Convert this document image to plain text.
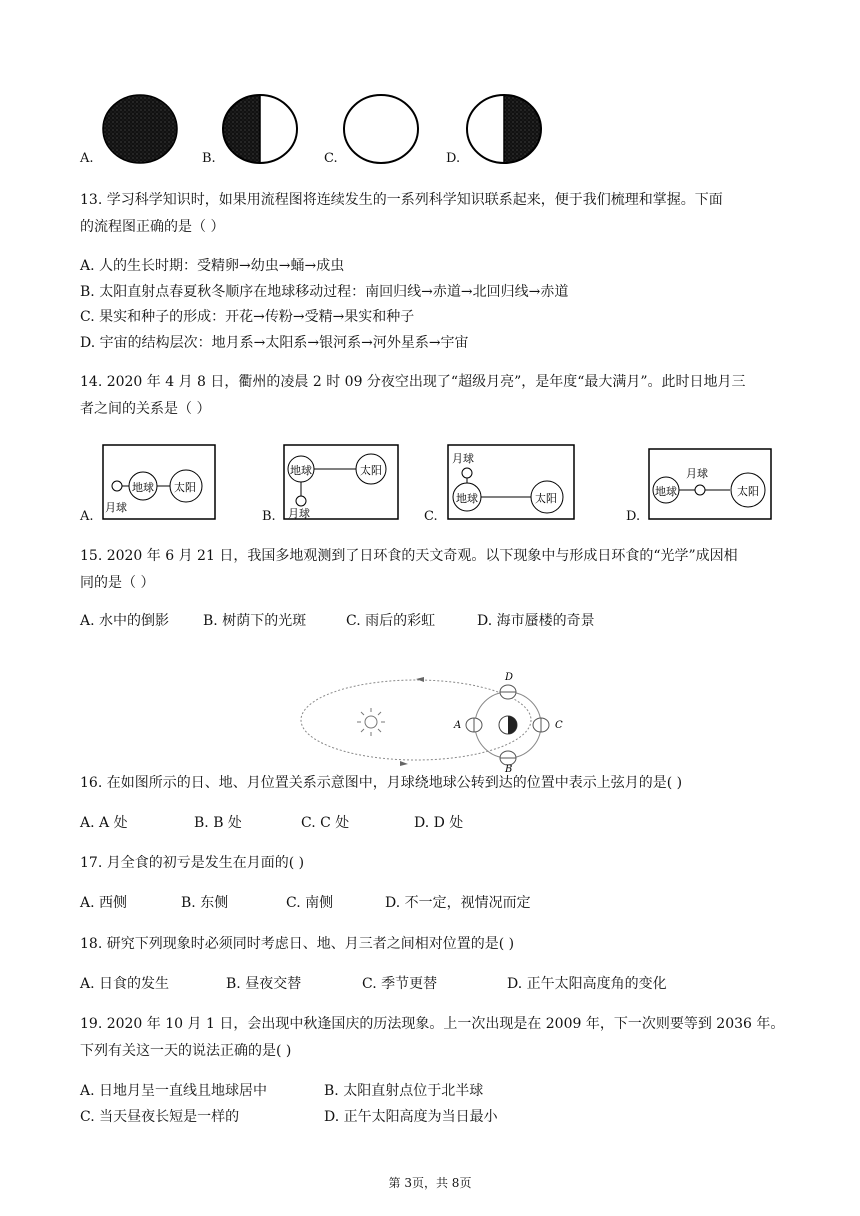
A.	B.	C.	D.
13. 学习科学知识时，如果用流程图将连续发生的一系列科学知识联系起来，便于我们梳理和掌握。下面
的流程图正确的是（ ）
A. 人的生长时期：受精卵→幼虫→蛹→成虫
B. 太阳直射点春夏秋冬顺序在地球移动过程：南回归线→赤道→北回归线→赤道
C. 果实和种子的形成：开花→传粉→受精→果实和种子
D. 宇宙的结构层次：地月系→太阳系→银河系→河外星系→宇宙
14. 2020 年 4 月 8 日，衢州的凌晨 2 时 09 分夜空出现了“超级月亮”，是年度“最大满月”。此时日地月三
者之间的关系是（ ）
地球 太阳
月球
A.
地球	太阳
月球
B.
月球
地球	太阳
C.
地球
月球
太阳
D.
15. 2020 年 6 月 21 日，我国多地观测到了日环食的天文奇观。以下现象中与形成日环食的“光学”成因相
同的是（ ）
A. 水中的倒影 B. 树荫下的光斑	C. 雨后的彩虹	D. 海市蜃楼的奇景
A	C
D
B
16. 在如图所示的日、地、月位置关系示意图中，月球绕地球公转到达的位置中表示上弦月的是( )
A. A 处	B. B 处	C. C 处	D. D 处
17. 月全食的初亏是发生在月面的( )
A. 西侧	B. 东侧	C. 南侧	D. 不一定，视情况而定
18. 研究下列现象时必须同时考虑日、地、月三者之间相对位置的是( )
A. 日食的发生	B. 昼夜交替	C. 季节更替	D. 正午太阳高度角的变化
19. 2020 年 10 月 1 日，会出现中秋逢国庆的历法现象。上一次出现是在 2009 年，下一次则要等到 2036 年。
下列有关这一天的说法正确的是( )
A. 日地月呈一直线且地球居中	B. 太阳直射点位于北半球
C. 当天昼夜长短是一样的	D. 正午太阳高度为当日最小
第 3页，共 8页
